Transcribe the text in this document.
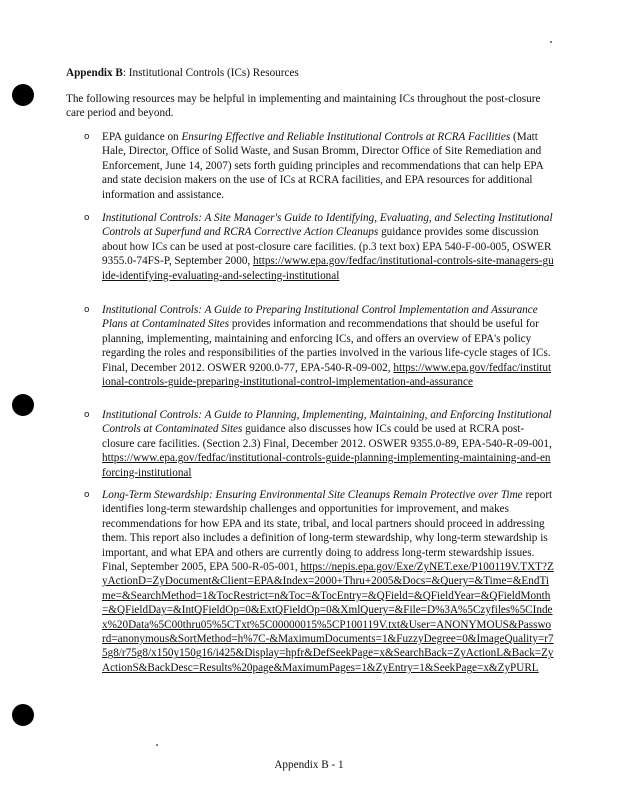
Appendix B: Institutional Controls (ICs) Resources
The following resources may be helpful in implementing and maintaining ICs throughout the post-closure care period and beyond.
o EPA guidance on Ensuring Effective and Reliable Institutional Controls at RCRA Facilities (Matt Hale, Director, Office of Solid Waste, and Susan Bromm, Director Office of Site Remediation and Enforcement, June 14, 2007) sets forth guiding principles and recommendations that can help EPA and state decision makers on the use of ICs at RCRA facilities, and EPA resources for additional information and assistance.

o Institutional Controls: A Site Manager's Guide to Identifying, Evaluating, and Selecting Institutional Controls at Superfund and RCRA Corrective Action Cleanups guidance provides some discussion about how ICs can be used at post-closure care facilities. (p.3 text box) EPA 540-F-00-005, OSWER 9355.0-74FS-P, September 2000, https://www.epa.gov/fedfac/institutional-controls-site-managers-guide-identifying-evaluating-and-selecting-institutional

o Institutional Controls: A Guide to Preparing Institutional Control Implementation and Assurance Plans at Contaminated Sites provides information and recommendations that should be useful for planning, implementing, maintaining and enforcing ICs, and offers an overview of EPA's policy regarding the roles and responsibilities of the parties involved in the various life-cycle stages of ICs. Final, December 2012. OSWER 9200.0-77, EPA-540-R-09-002, https://www.epa.gov/fedfac/institutional-controls-guide-preparing-institutional-control-implementation-and-assurance

o Institutional Controls: A Guide to Planning, Implementing, Maintaining, and Enforcing Institutional Controls at Contaminated Sites guidance also discusses how ICs could be used at RCRA post-closure care facilities. (Section 2.3) Final, December 2012. OSWER 9355.0-89, EPA-540-R-09-001, https://www.epa.gov/fedfac/institutional-controls-guide-planning-implementing-maintaining-and-enforcing-institutional

o Long-Term Stewardship: Ensuring Environmental Site Cleanups Remain Protective over Time report identifies long-term stewardship challenges and opportunities for improvement, and makes recommendations for how EPA and its state, tribal, and local partners should proceed in addressing them. This report also includes a definition of long-term stewardship, why long-term stewardship is important, and what EPA and others are currently doing to address long-term stewardship issues. Final, September 2005, EPA 500-R-05-001, https://nepis.epa.gov/Exe/ZyNET.exe/P100119V.TXT?ZyActionD=ZyDocument&Client=EPA&Index=2000+Thru+2005&Docs=&Query=&Time=&EndTime=&SearchMethod=1&TocRestrict=n&Toc=&TocEntry=&QField=&QFieldYear=&QFieldMonth=&QFieldDay=&IntQFieldOp=0&ExtQFieldOp=0&XmlQuery=&File=D%3A%5Czyfiles%5CIndex%20Data%5C00thru05%5CTxt%5C00000015%5CP100119V.txt&User=ANONYMOUS&Password=anonymous&SortMethod=h%7C-&MaximumDocuments=1&FuzzyDegree=0&ImageQuality=r75g8/r75g8/x150y150g16/i425&Display=hpfr&DefSeekPage=x&SearchBack=ZyActionL&Back=ZyActionS&BackDesc=Results%20page&MaximumPages=1&ZyEntry=1&SeekPage=x&ZyPURL

Appendix B - 1
